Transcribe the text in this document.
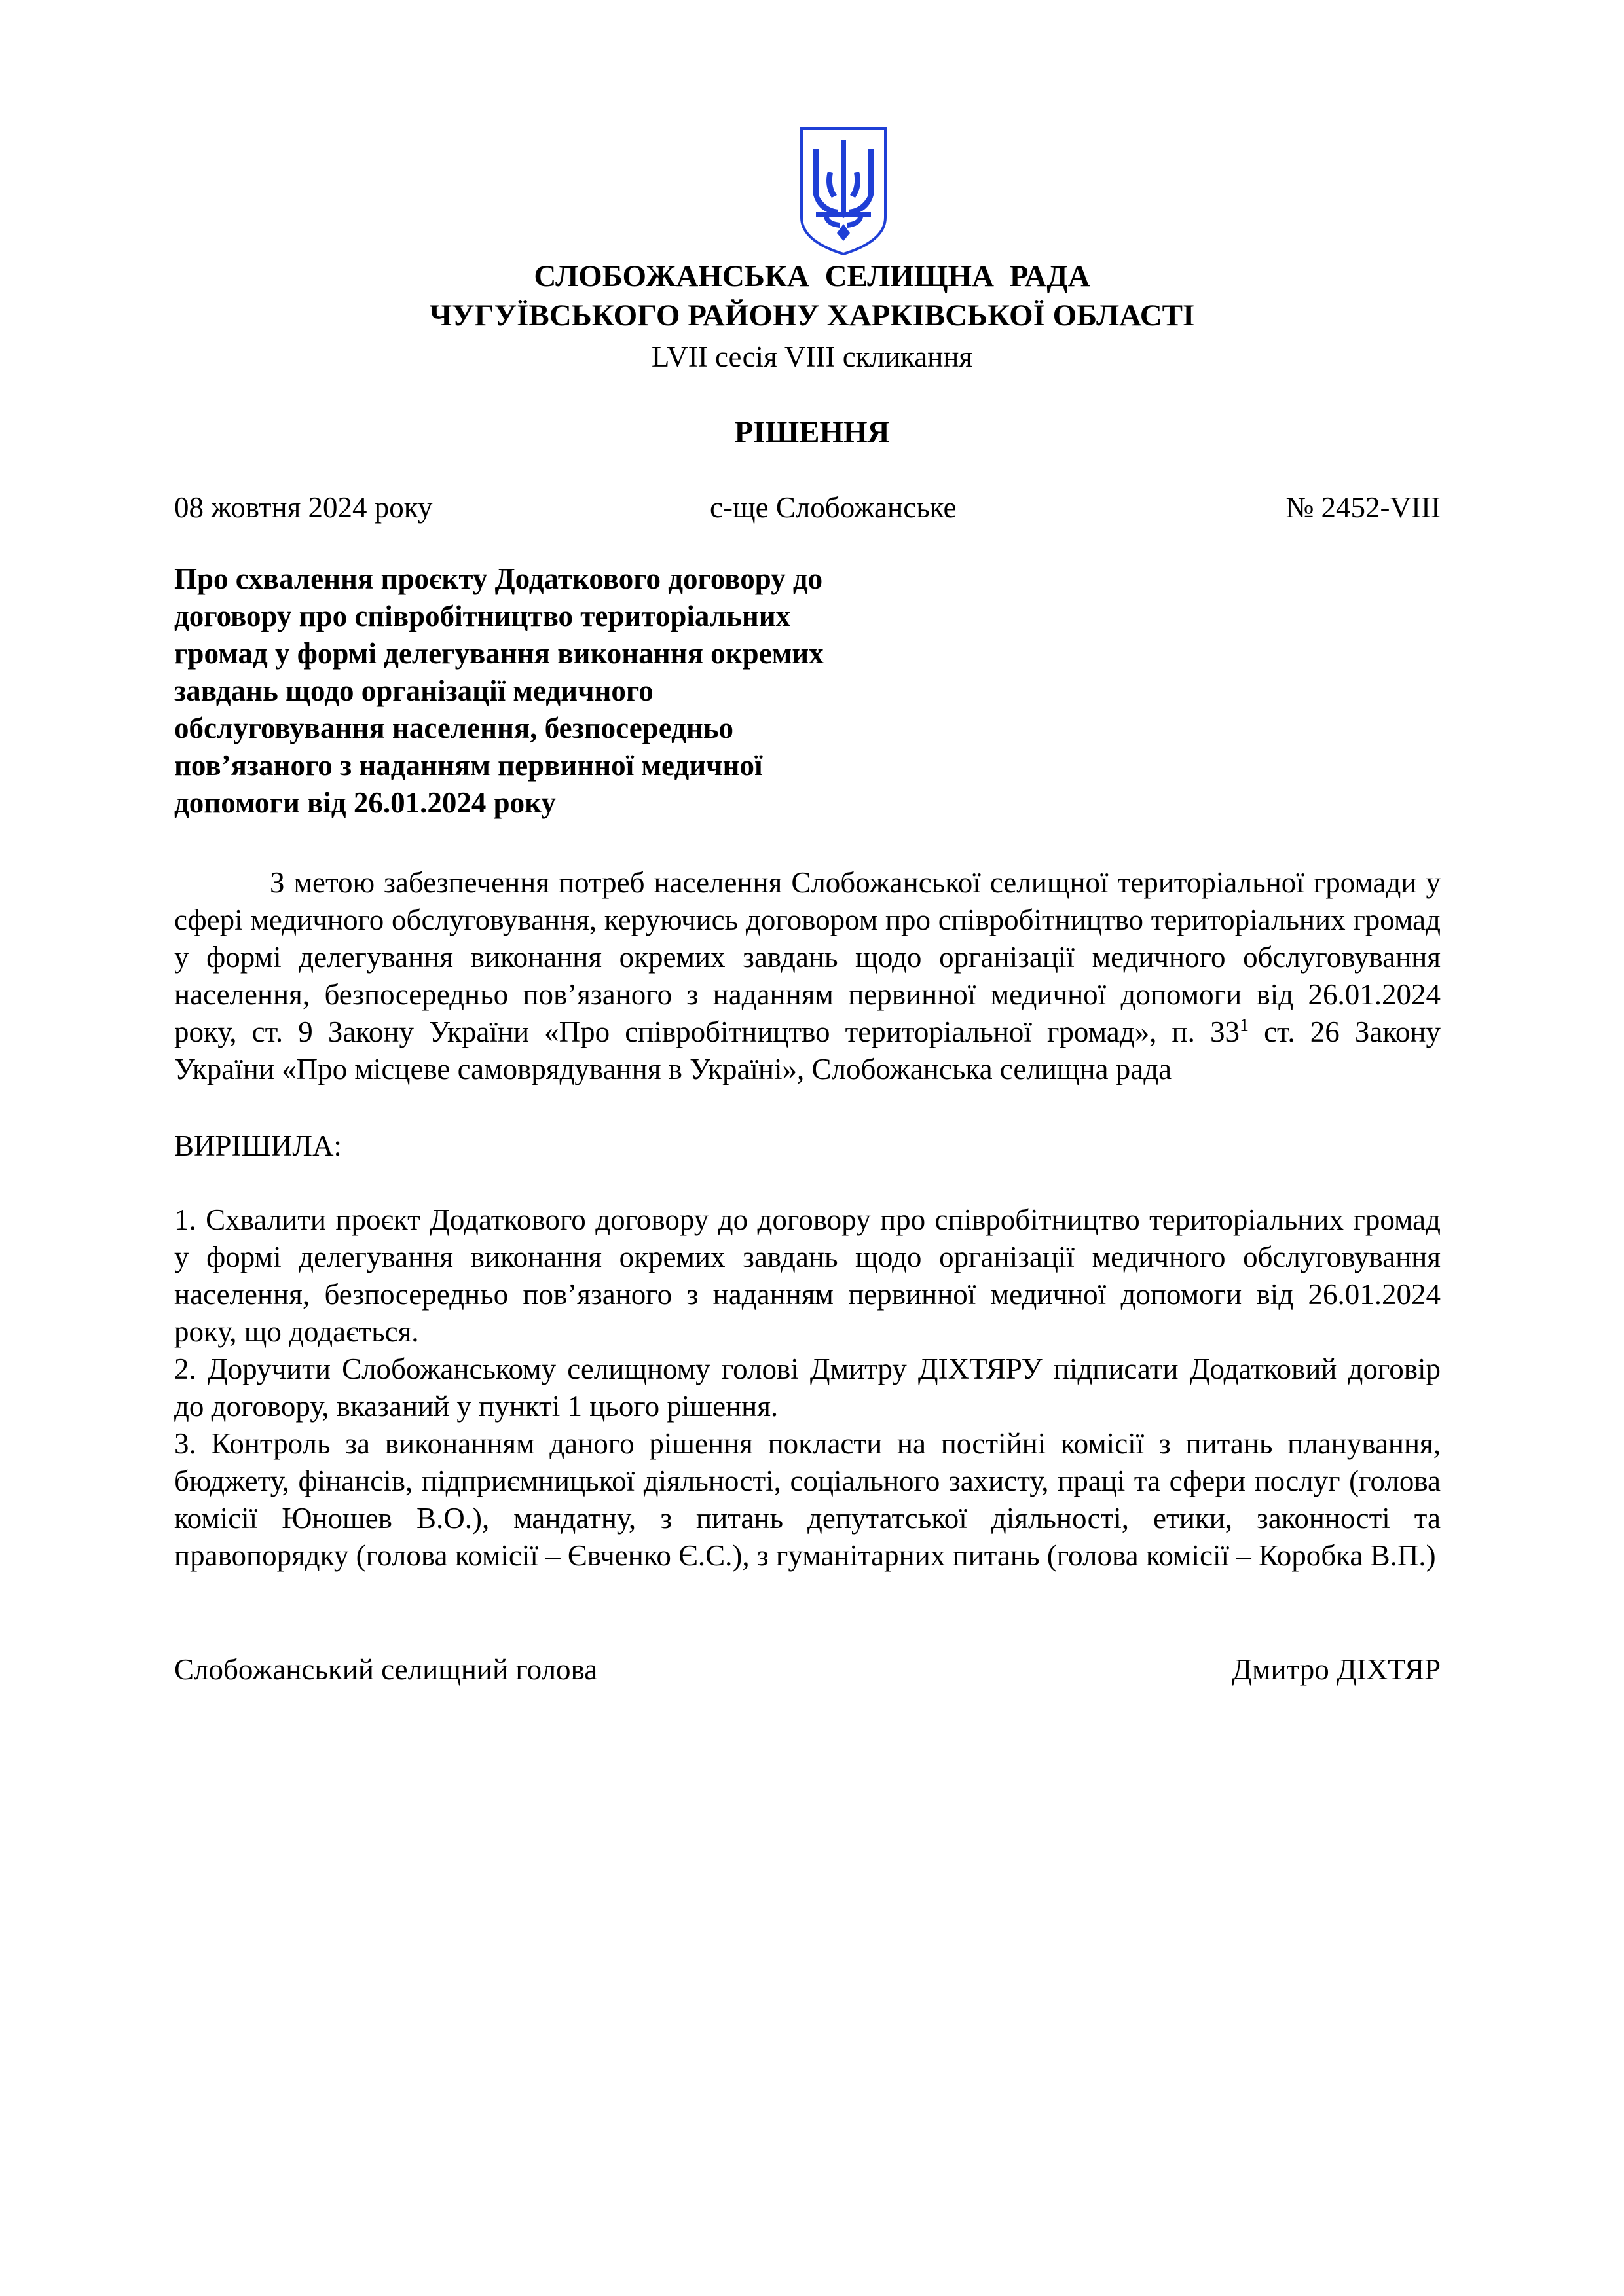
СЛОБОЖАНСЬКА СЕЛИЩНА РАДА
ЧУГУЇВСЬКОГО РАЙОНУ ХАРКІВСЬКОЇ ОБЛАСТІ
LVII сесія VIII скликання
РІШЕННЯ
08 жовтня 2024 року	с-ще Слобожанське	№ 2452-VIII
Про схвалення проєкту Додаткового договору до
договору про співробітництво територіальних
громад у формі делегування виконання окремих
завдань щодо організації медичного
обслуговування населення, безпосередньо
пов’язаного з наданням первинної медичної
допомоги від 26.01.2024 року
З метою забезпечення потреб населення Слобожанської селищної територіальної громади у сфері медичного обслуговування, керуючись договором про співробітництво територіальних громад у формі делегування виконання окремих завдань щодо організації медичного обслуговування населення, безпосередньо пов’язаного з наданням первинної медичної допомоги від 26.01.2024 року, ст. 9 Закону України «Про співробітництво територіальної громад», п. $33^1$ ст. 26 Закону України «Про місцеве самоврядування в Україні», Слобожанська селищна рада
ВИРІШИЛА:
1. Схвалити проєкт Додаткового договору до договору про співробітництво територіальних громад у формі делегування виконання окремих завдань щодо організації медичного обслуговування населення, безпосередньо пов’язаного з наданням первинної медичної допомоги від 26.01.2024 року, що додається.
2. Доручити Слобожанському селищному голові Дмитру ДІХТЯРУ підписати Додатковий договір до договору, вказаний у пункті 1 цього рішення.
3. Контроль за виконанням даного рішення покласти на постійні комісії з питань планування, бюджету, фінансів, підприємницької діяльності, соціального захисту, праці та сфери послуг (голова комісії Юношев В.О.), мандатну, з питань депутатської діяльності, етики, законності та правопорядку (голова комісії – Євченко Є.С.), з гуманітарних питань (голова комісії – Коробка В.П.)
Слобожанський селищний голова	Дмитро ДІХТЯР
